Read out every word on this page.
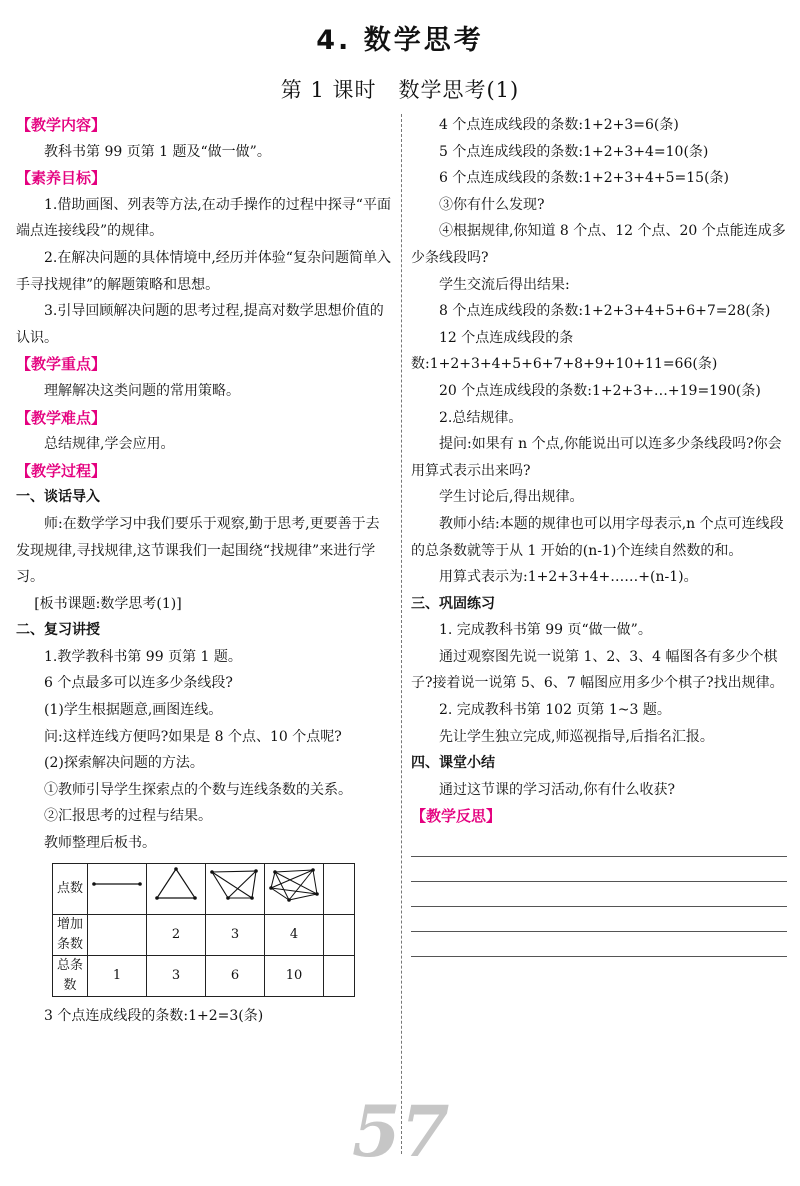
4. 数学思考
第 1 课时　数学思考(1)

【教学内容】

教科书第 99 页第 1 题及“做一做”。

【素养目标】

1.借助画图、列表等方法,在动手操作的过程中探寻“平面端点连接线段”的规律。

2.在解决问题的具体情境中,经历并体验“复杂问题简单入手寻找规律”的解题策略和思想。

3.引导回顾解决问题的思考过程,提高对数学思想价值的认识。

【教学重点】

理解解决这类问题的常用策略。

【教学难点】

总结规律,学会应用。

【教学过程】

一、谈话导入

师:在数学学习中我们要乐于观察,勤于思考,更要善于去发现规律,寻找规律,这节课我们一起围绕“找规律”来进行学习。

[板书课题:数学思考(1)]

二、复习讲授

1.教学教科书第 99 页第 1 题。

6 个点最多可以连多少条线段?

(1)学生根据题意,画图连线。

问:这样连线方便吗?如果是 8 个点、10 个点呢?

(2)探索解决问题的方法。

①教师引导学生探索点的个数与连线条数的关系。

②汇报思考的过程与结果。

教师整理后板书。

点数					
增加条数		2	3	4	
总条数	1	3	6	10	

3 个点连成线段的条数:1+2=3(条)

4 个点连成线段的条数:1+2+3=6(条)

5 个点连成线段的条数:1+2+3+4=10(条)

6 个点连成线段的条数:1+2+3+4+5=15(条)

③你有什么发现?

④根据规律,你知道 8 个点、12 个点、20 个点能连成多少条线段吗?

学生交流后得出结果:

8 个点连成线段的条数:1+2+3+4+5+6+7=28(条)

12 个点连成线段的条数:1+2+3+4+5+6+7+8+9+10+11=66(条)

20 个点连成线段的条数:1+2+3+…+19=190(条)

2.总结规律。

提问:如果有 n 个点,你能说出可以连多少条线段吗?你会用算式表示出来吗?

学生讨论后,得出规律。

教师小结:本题的规律也可以用字母表示,n 个点可连线段的总条数就等于从 1 开始的(n-1)个连续自然数的和。

用算式表示为:1+2+3+4+……+(n-1)。

三、巩固练习

1. 完成教科书第 99 页“做一做”。

通过观察图先说一说第 1、2、3、4 幅图各有多少个棋子?接着说一说第 5、6、7 幅图应用多少个棋子?找出规律。

2. 完成教科书第 102 页第 1~3 题。

先让学生独立完成,师巡视指导,后指名汇报。

四、课堂小结

通过这节课的学习活动,你有什么收获?

【教学反思】

57
